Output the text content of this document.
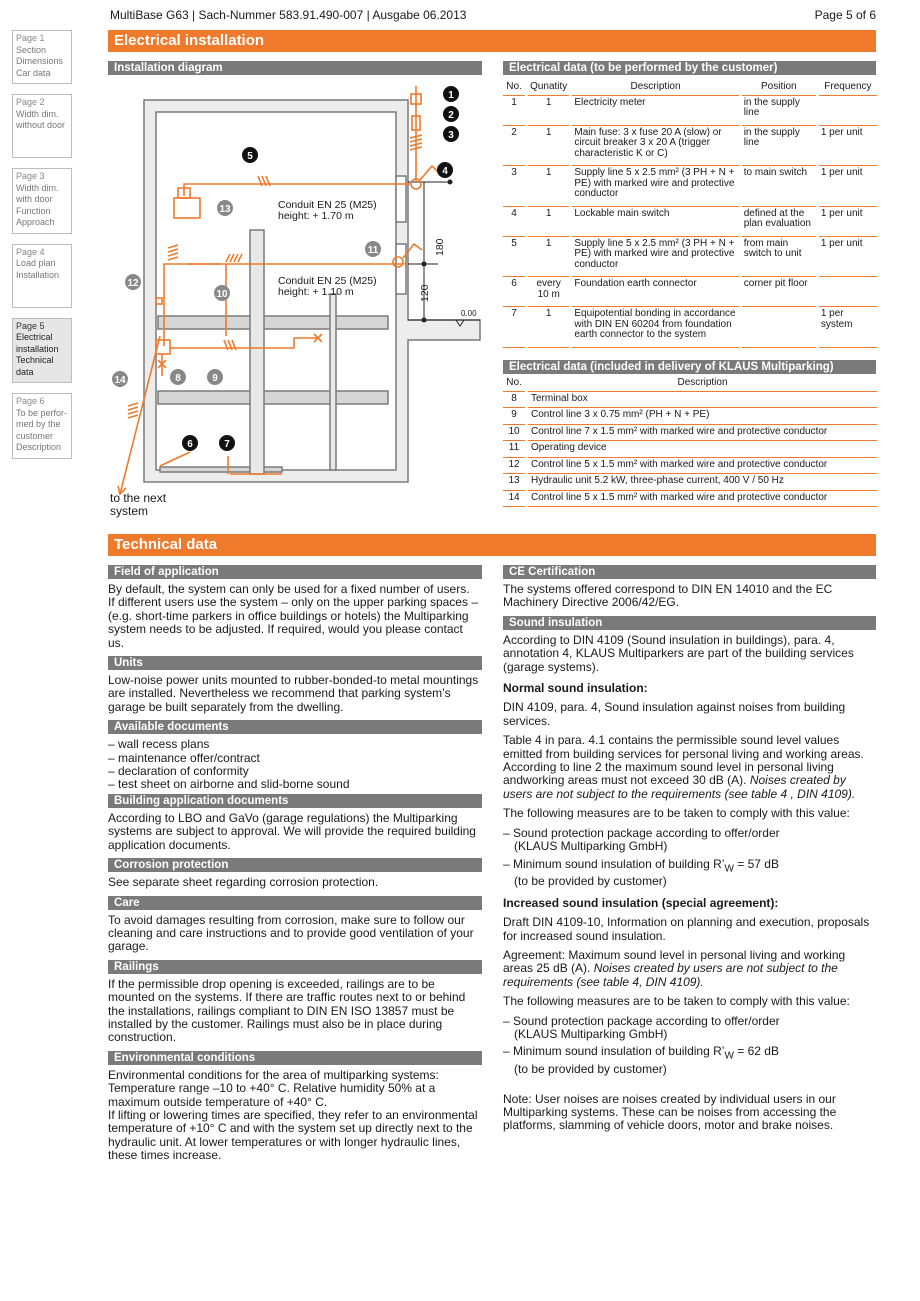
MultiBase G63 | Sach-Nummer 583.91.490-007 | Ausgabe 06.2013	Page 5 of 6
Page 1
Section
Dimensions
Car data
Page 2
Width dim. without door
Page 3
Width dim. with door
Function
Approach
Page 4
Load plan
Installation
Page 5
Electrical installation
Technical data
Page 6
To be perfor-med by the customer
Description
Electrical installation
Installation diagram	Electrical data (to be performed by the customer)
1
2
3
4
5
6	7
8	9
10
11
12
13
14
180
120
0.00
Conduit EN 25 (M25)
height: + 1.70 m
Conduit EN 25 (M25)
height: + 1.10 m
to the next
system
No.	Qunatity	Description	Position	Frequency
1	1	Electricity meter	in the supply line	
2	1	Main fuse: 3 x fuse 20 A (slow) or circuit breaker 3 x 20 A (trigger characteristic K or C)	in the supply line	1 per unit
3	1	Supply line 5 x 2.5 mm² (3 PH + N + PE) with marked wire and protective conductor	to main switch	1 per unit
4	1	Lockable main switch	defined at the plan evaluation	1 per unit
5	1	Supply line 5 x 2.5 mm² (3 PH + N + PE) with marked wire and protective conductor	from main switch to unit	1 per unit
6	every 10 m	Foundation earth connector	corner pit floor	
7	1	Equipotential bonding in accordance with DIN EN 60204 from foundation earth connector to the system		1 per system
Electrical data (included in delivery of KLAUS Multiparking)
No.	Description
8	Terminal box
9	Control line 3 x 0.75 mm² (PH + N + PE)
10	Control line 7 x 1.5 mm² with marked wire and protective conductor
11	Operating device
12	Control line 5 x 1.5 mm² with marked wire and protective conductor
13	Hydraulic unit 5.2 kW, three-phase current, 400 V / 50 Hz
14	Control line 5 x 1.5 mm² with marked wire and protective conductor
Technical data
Field of application

By default, the system can only be used for a fixed number of users.

If different users use the system – only on the upper parking spaces – (e.g. short-time parkers in office buildings or hotels) the Multiparking system needs to be adjusted. If required, would you please contact us.

Units

Low-noise power units mounted to rubber-bonded-to metal mountings are installed. Nevertheless we recommend that parking system’s garage be built separately from the dwelling.

Available documents
– wall recess plans
– maintenance offer/contract
– declaration of conformity
– test sheet on airborne and slid-borne sound
Building application documents

According to LBO and GaVo (garage regulations) the Multiparking systems are subject to approval. We will provide the required building application documents.

Corrosion protection

See separate sheet regarding corrosion protection.

Care

To avoid damages resulting from corrosion, make sure to follow our cleaning and care instructions and to provide good ventilation of your garage.

Railings

If the permissible drop opening is exceeded, railings are to be mounted on the systems. If there are traffic routes next to or behind the installations, railings compliant to DIN EN ISO 13857 must be installed by the customer. Railings must also be in place during construction.

Environmental conditions

Environmental conditions for the area of multiparking systems: Temperature range –10 to +40° C. Relative humidity 50% at a maximum outside temperature of +40° C.

If lifting or lowering times are specified, they refer to an environmental temperature of +10° C and with the system set up directly next to the hydraulic unit. At lower temperatures or with longer hydraulic lines, these times increase.

CE Certification

The systems offered correspond to DIN EN 14010 and the EC Machinery Directive 2006/42/EG.

Sound insulation

According to DIN 4109 (Sound insulation in buildings), para. 4, annotation 4, KLAUS Multiparkers are part of the building services (garage systems).

Normal sound insulation:

DIN 4109, para. 4, Sound insulation against noises from building services.

Table 4 in para. 4.1 contains the permissible sound level values emitted from building services for personal living and working areas. According to line 2 the maximum sound level in personal living andworking areas must not exceed 30 dB (A). Noises created by users are not subject to the requirements (see table 4 , DIN 4109).

The following measures are to be taken to comply with this value:

– Sound protection package according to offer/order
(KLAUS Multiparking GmbH)
– Minimum sound insulation of building $R’_W = 57$ dB
(to be provided by customer)
Increased sound insulation (special agreement):

Draft DIN 4109-10, Information on planning and execution, proposals for increased sound insulation.

Agreement: Maximum sound level in personal living and working areas 25 dB (A). Noises created by users are not subject to the requirements (see table 4, DIN 4109).

The following measures are to be taken to comply with this value:

– Sound protection package according to offer/order
(KLAUS Multiparking GmbH)
– Minimum sound insulation of building $R’_W = 62$ dB
(to be provided by customer)

Note: User noises are noises created by individual users in our Multiparking systems. These can be noises from accessing the platforms, slamming of vehicle doors, motor and brake noises.
